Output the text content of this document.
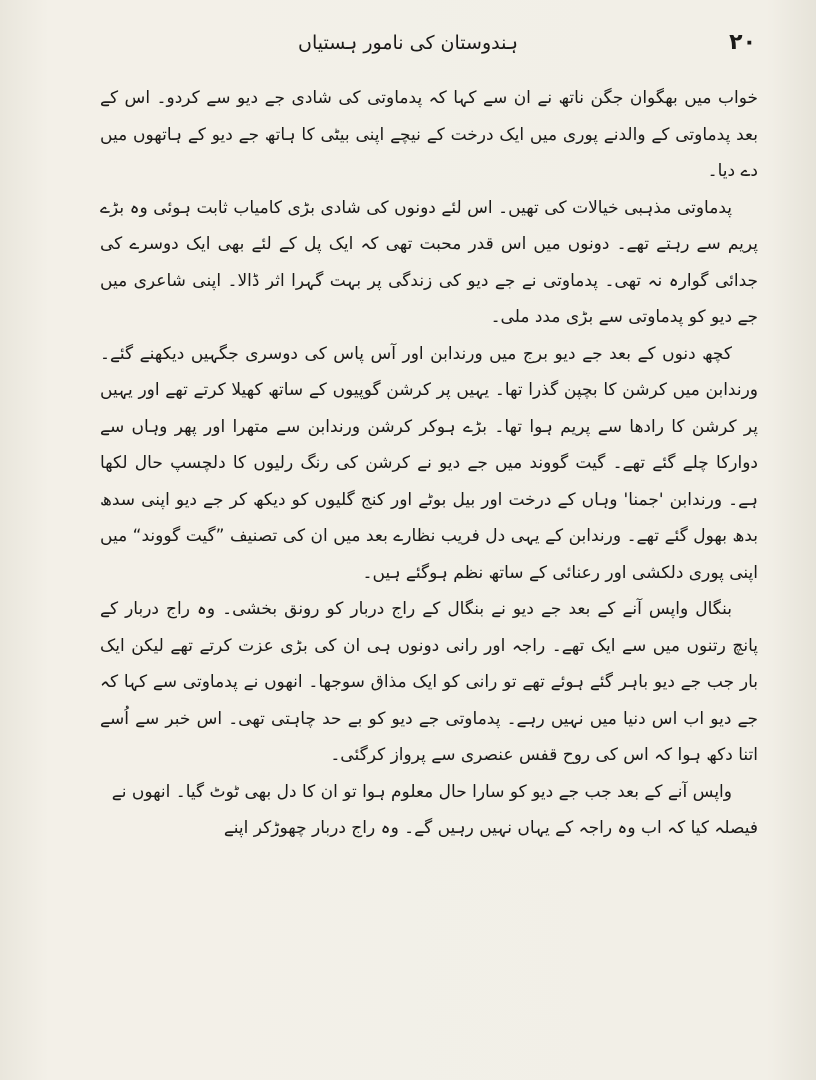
۲۰
ہندوستان کی نامور ہستیاں

خواب میں بھگوان جگن ناتھ نے ان سے کہا کہ پدماوتی کی شادی جے دیو سے کردو۔ اس کے بعد پدماوتی کے والدنے پوری میں ایک درخت کے نیچے اپنی بیٹی کا ہاتھ جے دیو کے ہاتھوں میں دے دیا۔

پدماوتی مذہبی خیالات کی تھیں۔ اس لئے دونوں کی شادی بڑی کامیاب ثابت ہوئی وہ بڑے پریم سے رہتے تھے۔ دونوں میں اس قدر محبت تھی کہ ایک پل کے لئے بھی ایک دوسرے کی جدائی گوارہ نہ تھی۔ پدماوتی نے جے دیو کی زندگی پر بہت گہرا اثر ڈالا۔ اپنی شاعری میں جے دیو کو پدماوتی سے بڑی مدد ملی۔

کچھ دنوں کے بعد جے دیو برج میں ورندابن اور آس پاس کی دوسری جگہیں دیکھنے گئے۔ ورندابن میں کرشن کا بچپن گذرا تھا۔ یہیں پر کرشن گوپیوں کے ساتھ کھیلا کرتے تھے اور یہیں پر کرشن کا رادھا سے پریم ہوا تھا۔ بڑے ہوکر کرشن ورندابن سے متھرا اور پھر وہاں سے دوارکا چلے گئے تھے۔ گیت گووند میں جے دیو نے کرشن کی رنگ رلیوں کا دلچسپ حال لکھا ہے۔ ورندابن 'جمنا' وہاں کے درخت اور بیل بوٹے اور کنج گلیوں کو دیکھ کر جے دیو اپنی سدھ بدھ بھول گئے تھے۔ ورندابن کے یہی دل فریب نظارے بعد میں ان کی تصنیف ”گیت گووند“ میں اپنی پوری دلکشی اور رعنائی کے ساتھ نظم ہوگئے ہیں۔

بنگال واپس آنے کے بعد جے دیو نے بنگال کے راج دربار کو رونق بخشی۔ وہ راج دربار کے پانچ رتنوں میں سے ایک تھے۔ راجہ اور رانی دونوں ہی ان کی بڑی عزت کرتے تھے لیکن ایک بار جب جے دیو باہر گئے ہوئے تھے تو رانی کو ایک مذاق سوجھا۔ انھوں نے پدماوتی سے کہا کہ جے دیو اب اس دنیا میں نہیں رہے۔ پدماوتی جے دیو کو بے حد چاہتی تھی۔ اس خبر سے اُسے اتنا دکھ ہوا کہ اس کی روح قفس عنصری سے پرواز کرگئی۔

واپس آنے کے بعد جب جے دیو کو سارا حال معلوم ہوا تو ان کا دل بھی ٹوٹ گیا۔ انھوں نے فیصلہ کیا کہ اب وہ راجہ کے یہاں نہیں رہیں گے۔ وہ راج دربار چھوڑکر اپنے
